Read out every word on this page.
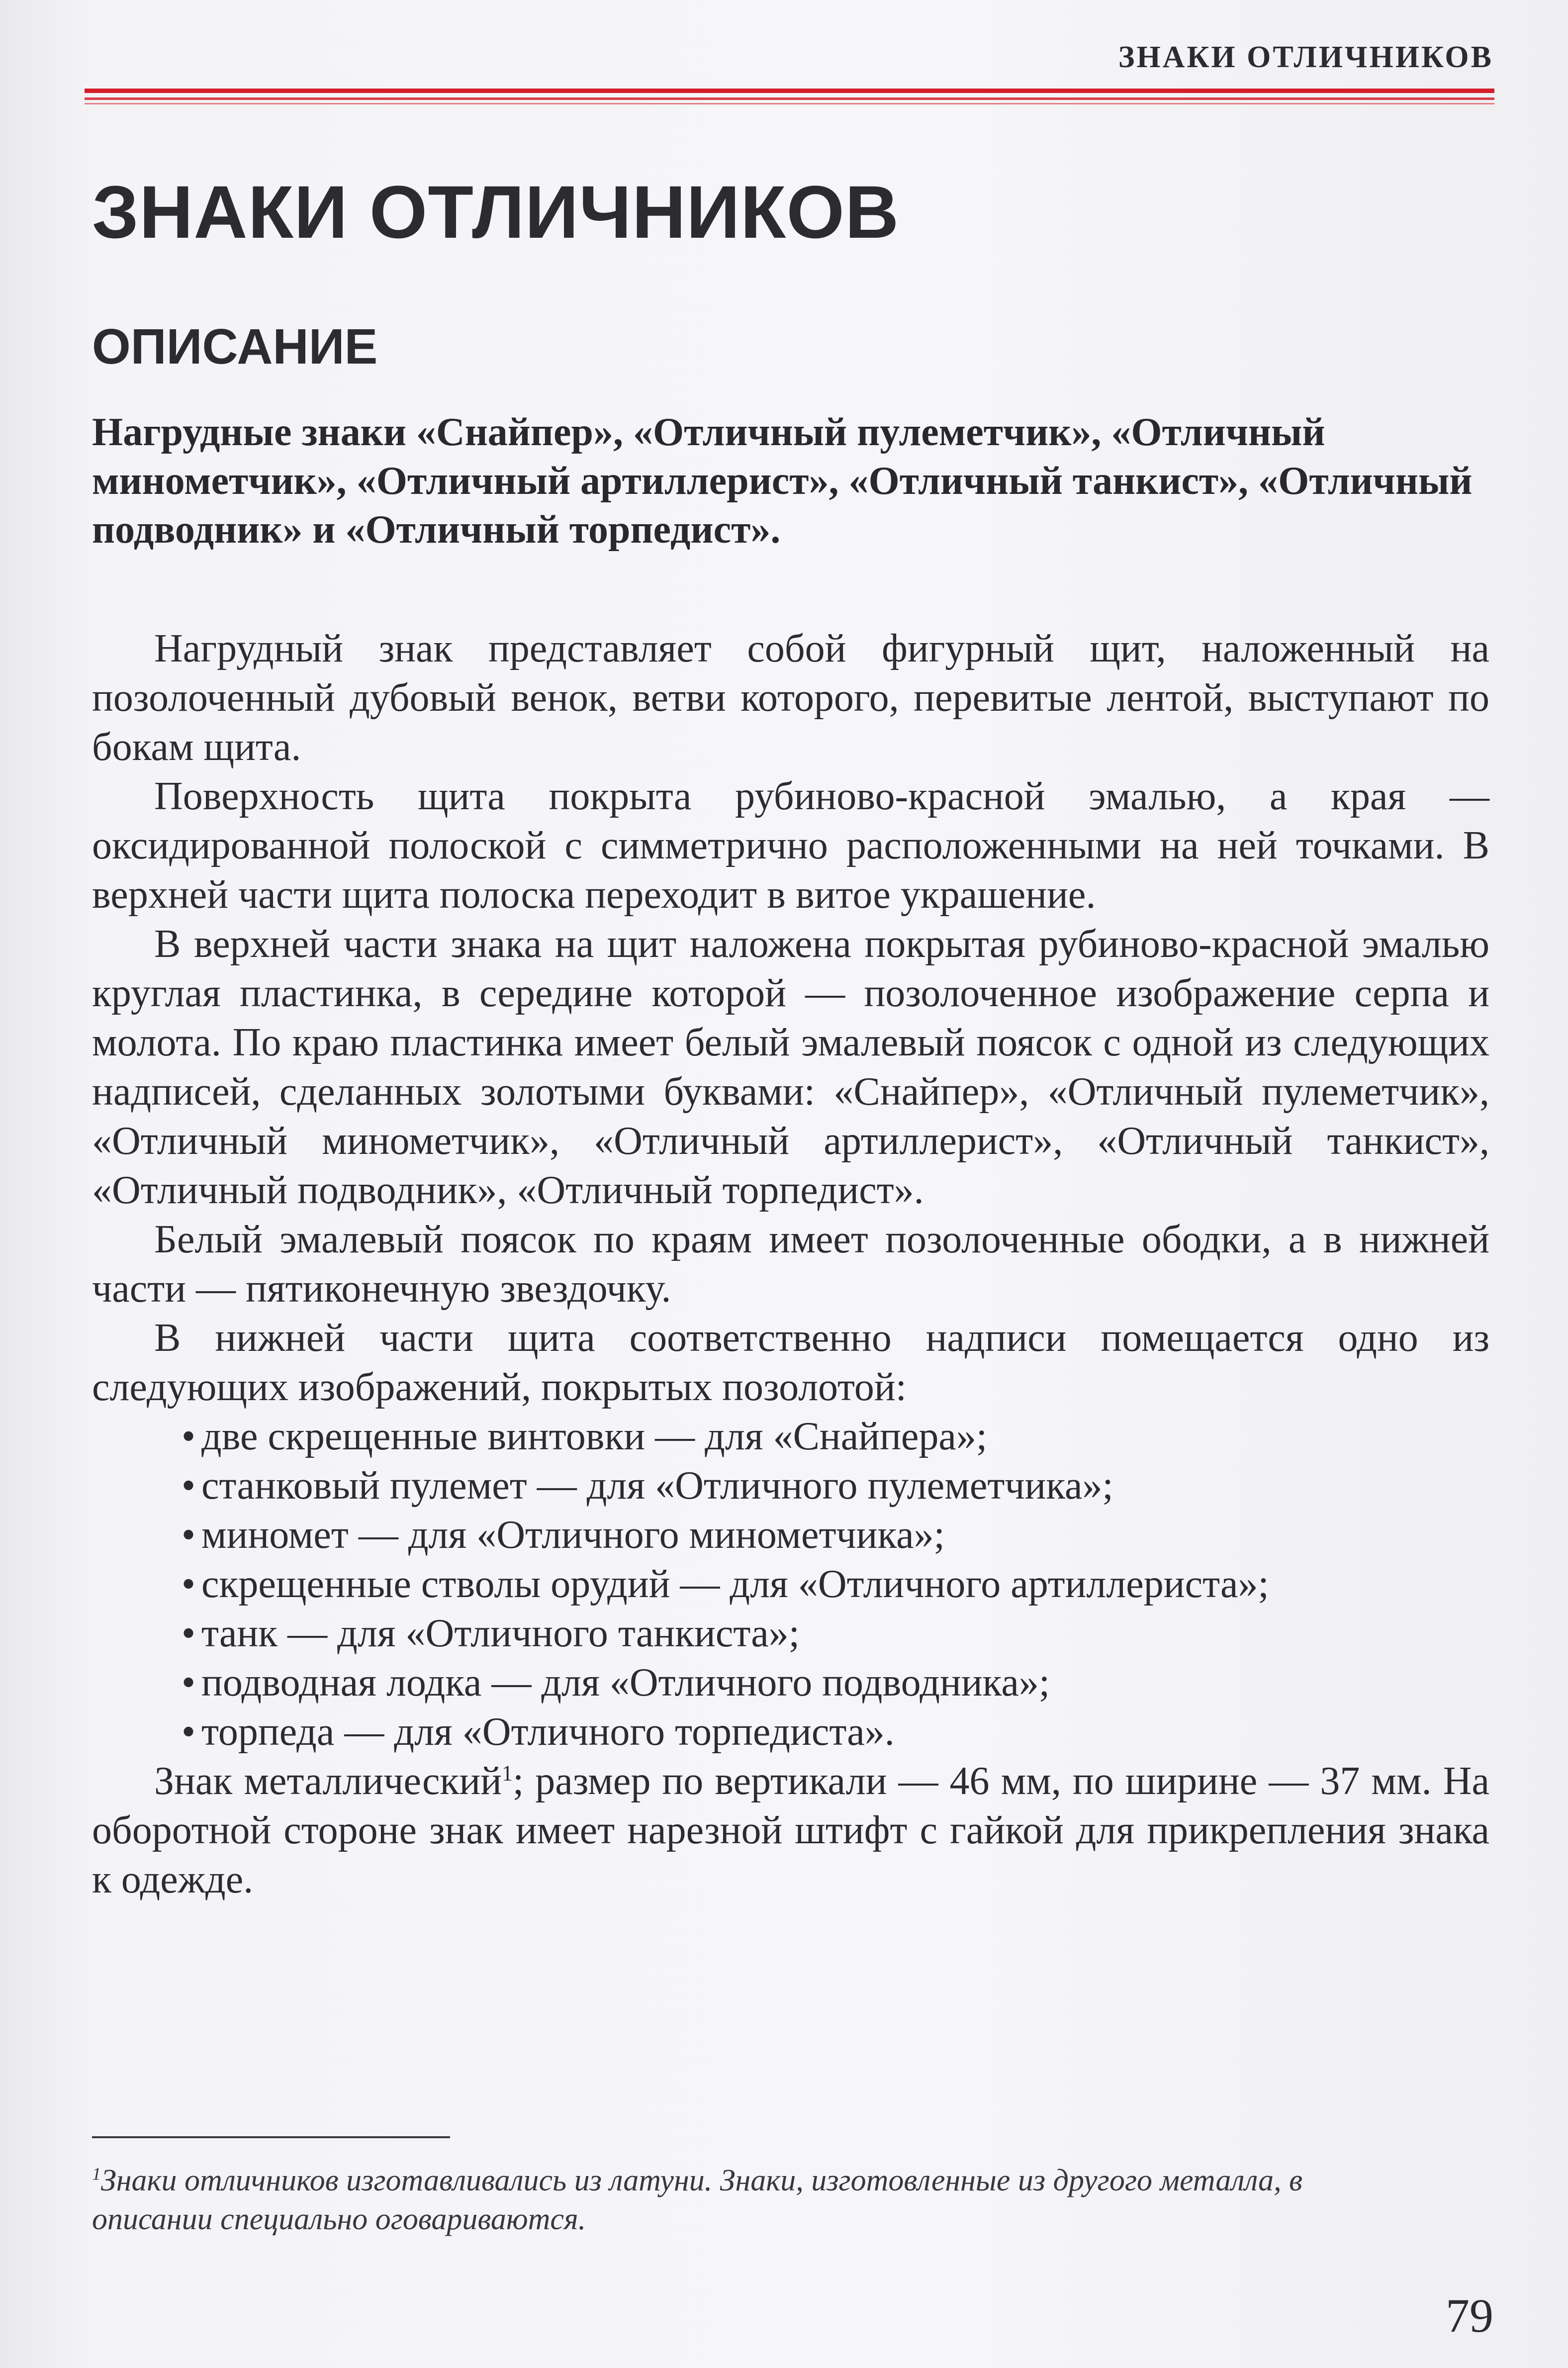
ЗНАКИ ОТЛИЧНИКОВ
ЗНАКИ ОТЛИЧНИКОВ
ОПИСАНИЕ

Нагрудные знаки «Снайпер», «Отличный пулеметчик», «Отличный минометчик», «Отличный артиллерист», «Отличный танкист», «Отличный подводник» и «Отличный торпедист».

Нагрудный знак представляет собой фигурный щит, наложенный на позолоченный дубовый венок, ветви которого, перевитые лентой, выступают по бокам щита.

Поверхность щита покрыта рубиново-красной эмалью, а края — оксидированной полоской с симметрично расположенными на ней точками. В верхней части щита полоска переходит в витое украшение.

В верхней части знака на щит наложена покрытая рубиново-красной эмалью круглая пластинка, в середине которой — позолоченное изображение серпа и молота. По краю пластинка имеет белый эмалевый поясок с одной из следующих надписей, сделанных золотыми буквами: «Снайпер», «Отличный пулеметчик», «Отличный минометчик», «Отличный артиллерист», «Отличный танкист», «Отличный подводник», «Отличный торпедист».

Белый эмалевый поясок по краям имеет позолоченные ободки, а в нижней части — пятиконечную звездочку.

В нижней части щита соответственно надписи помещается одно из следующих изображений, покрытых позолотой:

• две скрещенные винтовки — для «Снайпера»;
• станковый пулемет — для «Отличного пулеметчика»;
• миномет — для «Отличного минометчика»;
• скрещенные стволы орудий — для «Отличного артиллериста»;
• танк — для «Отличного танкиста»;
• подводная лодка — для «Отличного подводника»;
• торпеда — для «Отличного торпедиста».

Знак металлический$^1$; размер по вертикали — 46 мм, по ширине — 37 мм. На оборотной стороне знак имеет нарезной штифт с гайкой для прикрепления знака к одежде.

$^1$Знаки отличников изготавливались из латуни. Знаки, изготовленные из другого металла, в описании специально оговариваются.

79
